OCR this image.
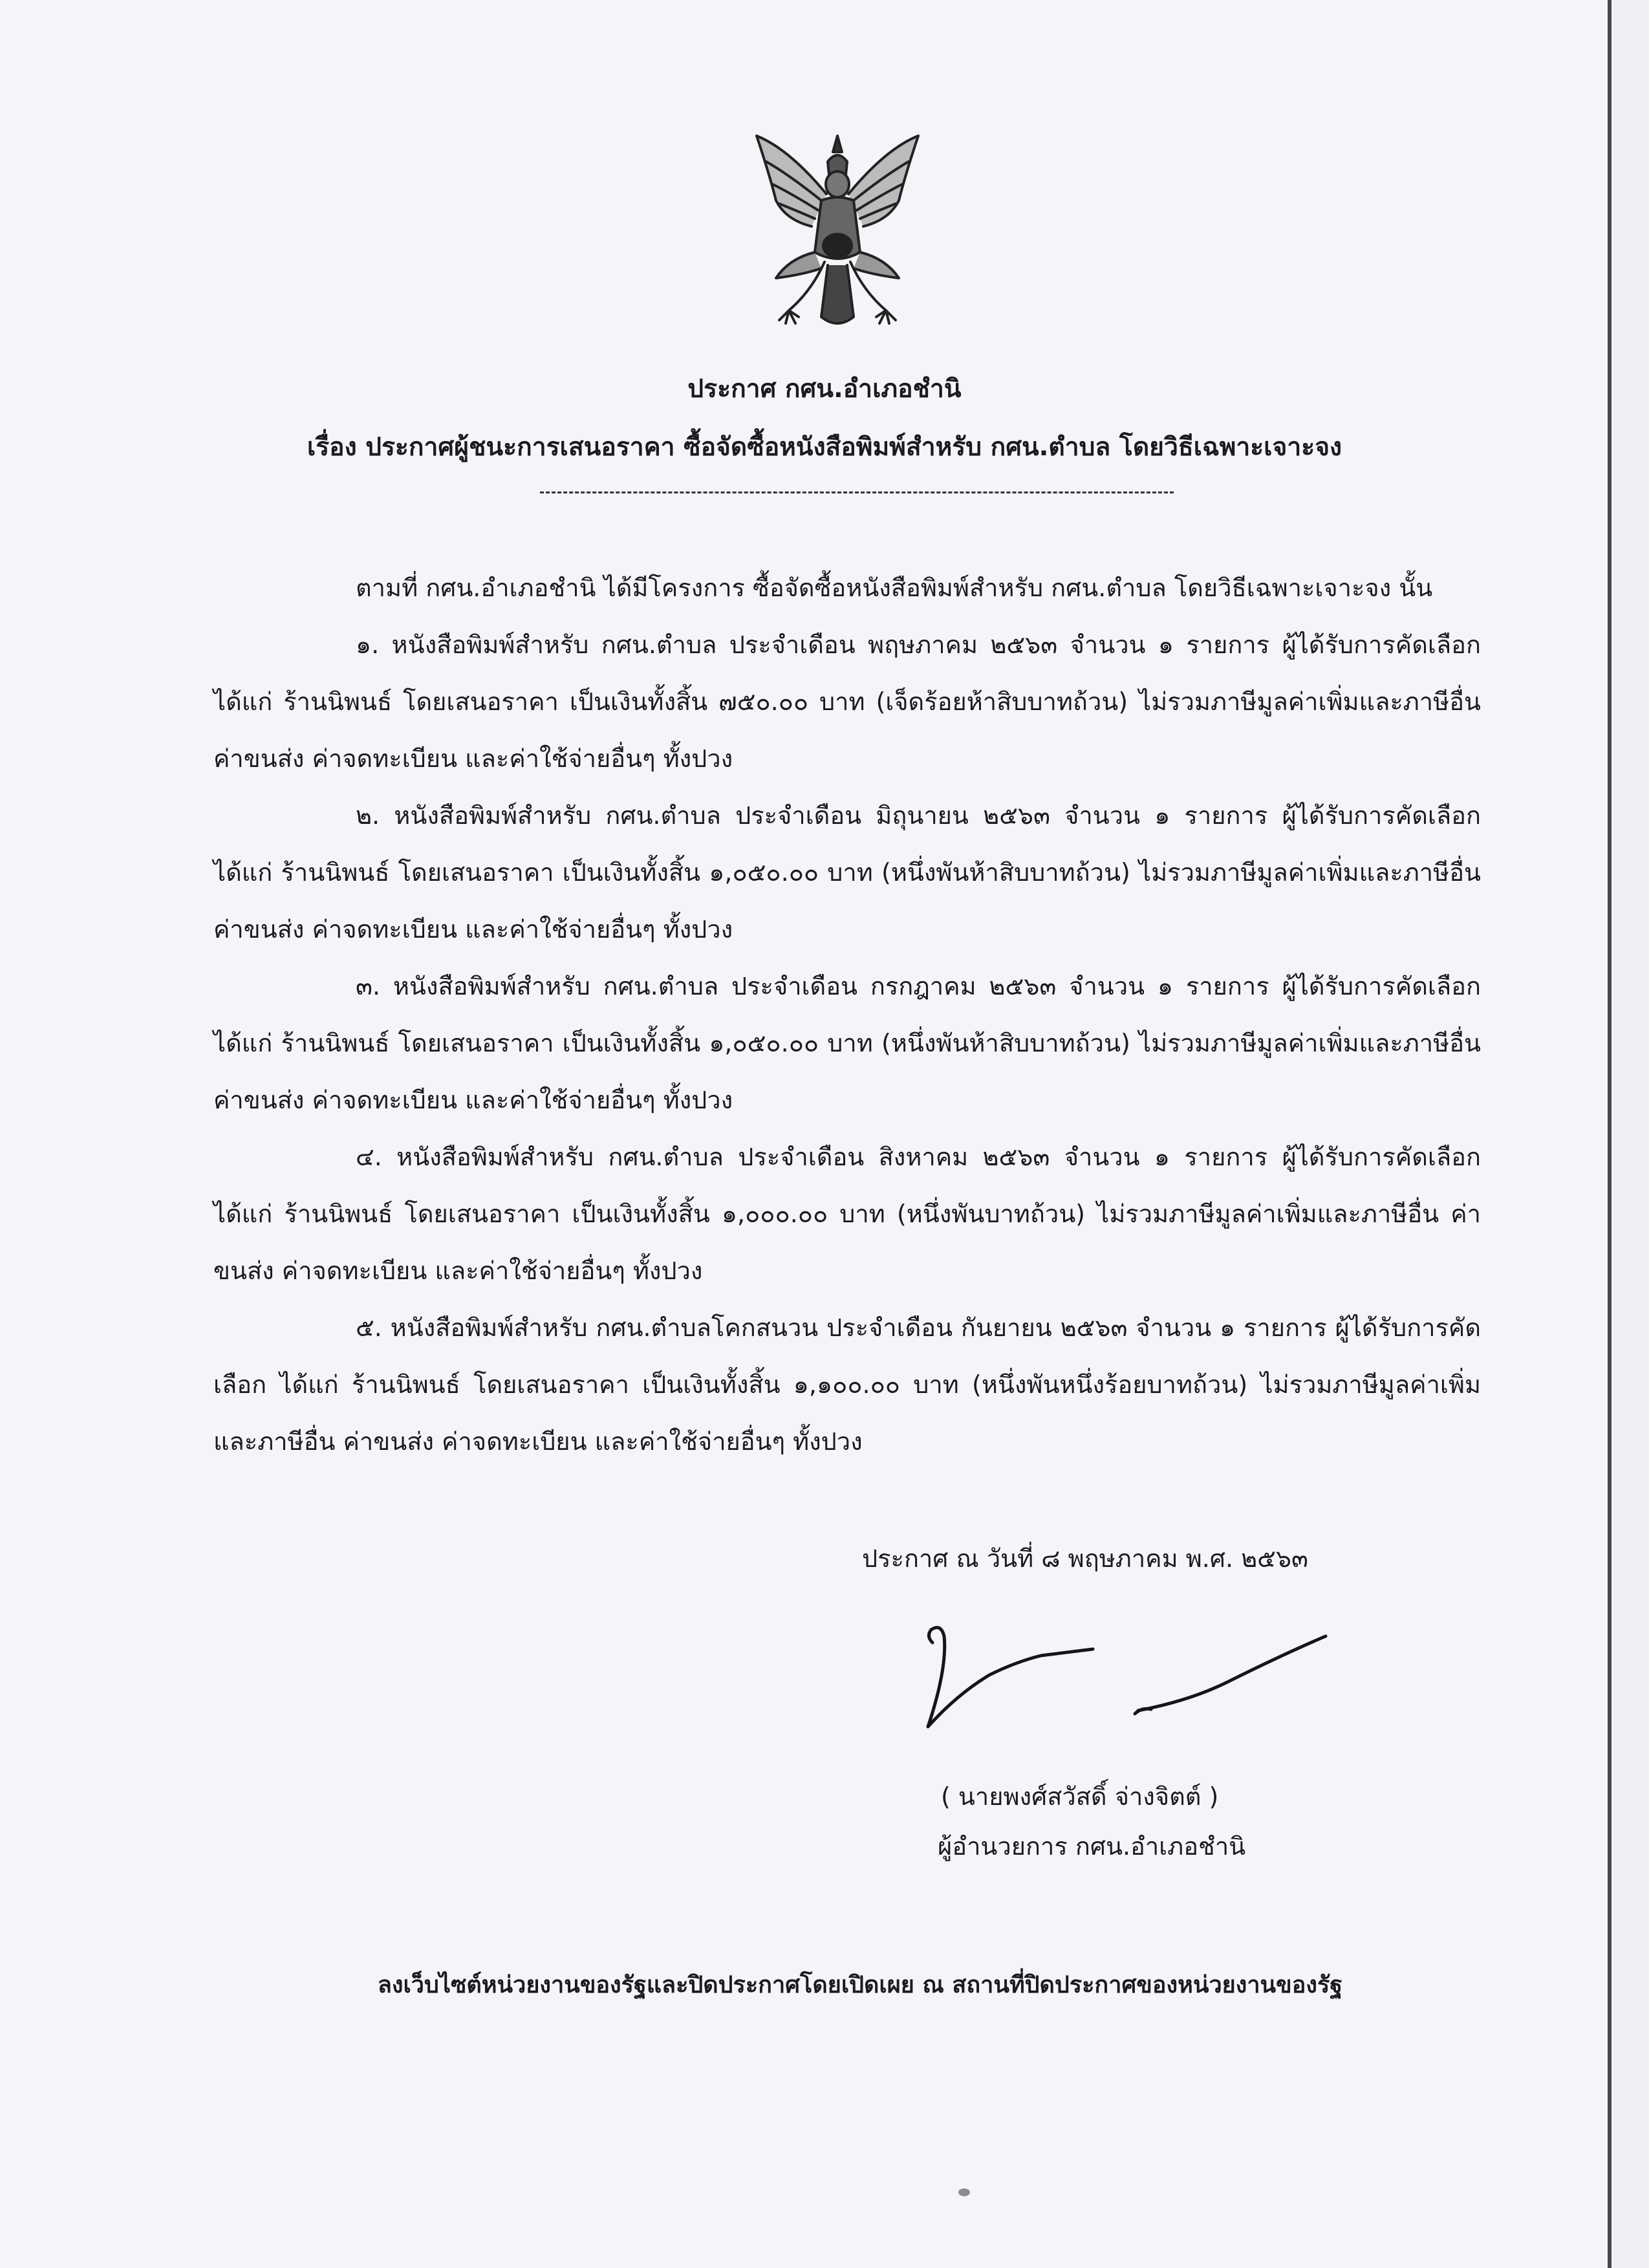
ประกาศ กศน.อำเภอชำนิ
เรื่อง ประกาศผู้ชนะการเสนอราคา ซื้อจัดซื้อหนังสือพิมพ์สำหรับ กศน.ตำบล โดยวิธีเฉพาะเจาะจง

ตามที่ กศน.อำเภอชำนิ ได้มีโครงการ ซื้อจัดซื้อหนังสือพิมพ์สำหรับ กศน.ตำบล โดยวิธีเฉพาะเจาะจง นั้น

๑. หนังสือพิมพ์สำหรับ กศน.ตำบล ประจำเดือน พฤษภาคม ๒๕๖๓ จำนวน ๑ รายการ ผู้ได้รับการคัดเลือก ได้แก่ ร้านนิพนธ์ โดยเสนอราคา เป็นเงินทั้งสิ้น ๗๕๐.๐๐ บาท (เจ็ดร้อยห้าสิบบาทถ้วน) ไม่รวมภาษีมูลค่าเพิ่มและภาษีอื่น ค่าขนส่ง ค่าจดทะเบียน และค่าใช้จ่ายอื่นๆ ทั้งปวง

๒. หนังสือพิมพ์สำหรับ กศน.ตำบล ประจำเดือน มิถุนายน ๒๕๖๓ จำนวน ๑ รายการ ผู้ได้รับการคัดเลือก ได้แก่ ร้านนิพนธ์ โดยเสนอราคา เป็นเงินทั้งสิ้น ๑,๐๕๐.๐๐ บาท (หนึ่งพันห้าสิบบาทถ้วน) ไม่รวมภาษีมูลค่าเพิ่มและภาษีอื่น ค่าขนส่ง ค่าจดทะเบียน และค่าใช้จ่ายอื่นๆ ทั้งปวง

๓. หนังสือพิมพ์สำหรับ กศน.ตำบล ประจำเดือน กรกฎาคม ๒๕๖๓ จำนวน ๑ รายการ ผู้ได้รับการคัดเลือก ได้แก่ ร้านนิพนธ์ โดยเสนอราคา เป็นเงินทั้งสิ้น ๑,๐๕๐.๐๐ บาท (หนึ่งพันห้าสิบบาทถ้วน) ไม่รวมภาษีมูลค่าเพิ่มและภาษีอื่น ค่าขนส่ง ค่าจดทะเบียน และค่าใช้จ่ายอื่นๆ ทั้งปวง

๔. หนังสือพิมพ์สำหรับ กศน.ตำบล ประจำเดือน สิงหาคม ๒๕๖๓ จำนวน ๑ รายการ ผู้ได้รับการคัดเลือก ได้แก่ ร้านนิพนธ์ โดยเสนอราคา เป็นเงินทั้งสิ้น ๑,๐๐๐.๐๐ บาท (หนึ่งพันบาทถ้วน) ไม่รวมภาษีมูลค่าเพิ่มและภาษีอื่น ค่าขนส่ง ค่าจดทะเบียน และค่าใช้จ่ายอื่นๆ ทั้งปวง

๕. หนังสือพิมพ์สำหรับ กศน.ตำบลโคกสนวน ประจำเดือน กันยายน ๒๕๖๓ จำนวน ๑ รายการ ผู้ได้รับการคัดเลือก ได้แก่ ร้านนิพนธ์ โดยเสนอราคา เป็นเงินทั้งสิ้น ๑,๑๐๐.๐๐ บาท (หนึ่งพันหนึ่งร้อยบาทถ้วน) ไม่รวมภาษีมูลค่าเพิ่มและภาษีอื่น ค่าขนส่ง ค่าจดทะเบียน และค่าใช้จ่ายอื่นๆ ทั้งปวง

ประกาศ ณ วันที่ ๘ พฤษภาคม พ.ศ. ๒๕๖๓
( นายพงศ์สวัสดิ์ จ่างจิตต์ )
ผู้อำนวยการ กศน.อำเภอชำนิ
ลงเว็บไซต์หน่วยงานของรัฐและปิดประกาศโดยเปิดเผย ณ สถานที่ปิดประกาศของหน่วยงานของรัฐ
